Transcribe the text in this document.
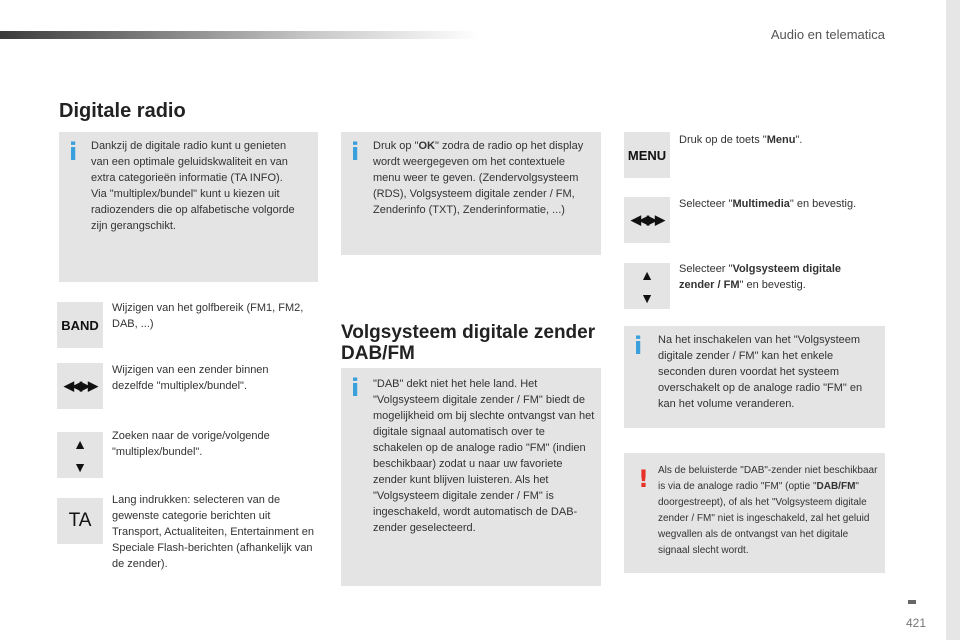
Audio en telematica
Digitale radio
i Dankzij de digitale radio kunt u genieten van een optimale geluidskwaliteit en van extra categorieën informatie (TA INFO). Via "multiplex/bundel" kunt u kiezen uit radiozenders die op alfabetische volgorde zijn gerangschikt.
i Druk op "OK" zodra de radio op het display wordt weergegeven om het contextuele menu weer te geven. (Zendervolgsysteem (RDS), Volgsysteem digitale zender / FM, Zenderinfo (TXT), Zenderinformatie, ...)
BAND
Wijzigen van het golfbereik (FM1, FM2, DAB, ...)
◀◀▶▶
Wijzigen van een zender binnen dezelfde "multiplex/bundel".
▲
▼
Zoeken naar de vorige/volgende "multiplex/bundel".
TA
Lang indrukken: selecteren van de gewenste categorie berichten uit Transport, Actualiteiten, Entertainment en Speciale Flash-berichten (afhankelijk van de zender).
Volgsysteem digitale zender DAB/FM
i "DAB" dekt niet het hele land. Het "Volgsysteem digitale zender / FM" biedt de mogelijkheid om bij slechte ontvangst van het digitale signaal automatisch over te schakelen op de analoge radio "FM" (indien beschikbaar) zodat u naar uw favoriete zender kunt blijven luisteren. Als het "Volgsysteem digitale zender / FM" is ingeschakeld, wordt automatisch de DAB-zender geselecteerd.
MENU
Druk op de toets "Menu".
◀◀▶▶
Selecteer "Multimedia" en bevestig.
▲
▼
Selecteer "Volgsysteem digitale zender / FM" en bevestig.
i Na het inschakelen van het "Volgsysteem digitale zender / FM" kan het enkele seconden duren voordat het systeem overschakelt op de analoge radio "FM" en kan het volume veranderen.
! Als de beluisterde "DAB"-zender niet beschikbaar is via de analoge radio "FM" (optie "DAB/FM" doorgestreept), of als het "Volgsysteem digitale zender / FM" niet is ingeschakeld, zal het geluid wegvallen als de ontvangst van het digitale signaal slecht wordt.
421
